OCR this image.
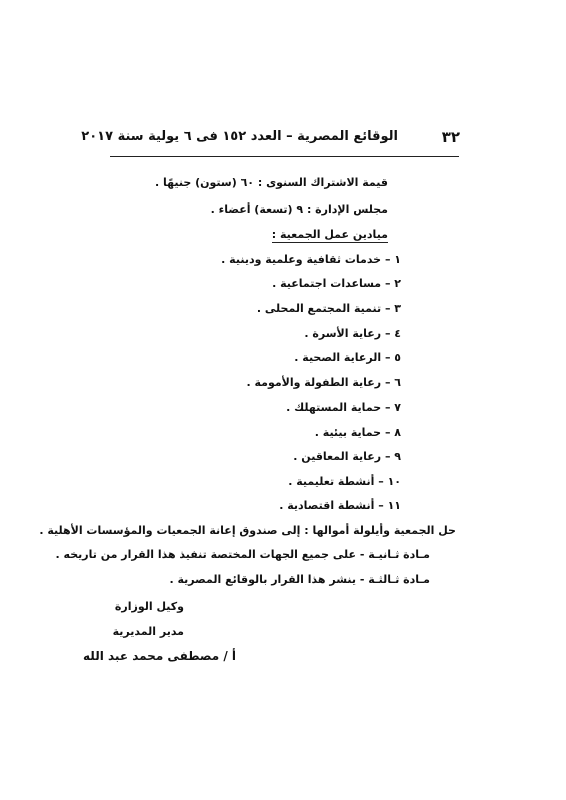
٣٢
الوقائع المصرية – العدد ١٥٢ فى ٦ يولية سنة ٢٠١٧
قيمة الاشتراك السنوى : ٦٠ (ستون) جنيهًا .
مجلس الإدارة : ٩ (تسعة) أعضاء .
ميادين عمل الجمعية :
١ – خدمات ثقافية وعلمية ودينية .
٢ – مساعدات اجتماعية .
٣ – تنمية المجتمع المحلى .
٤ – رعاية الأسرة .
٥ – الرعاية الصحية .
٦ – رعاية الطفولة والأمومة .
٧ – حماية المستهلك .
٨ – حماية بيئية .
٩ – رعاية المعاقين .
١٠ – أنشطة تعليمية .
١١ – أنشطة اقتصادية .
حل الجمعية وأيلولة أموالها : إلى صندوق إعانة الجمعيات والمؤسسات الأهلية .
مـادة ثـانيـة - على جميع الجهات المختصة تنفيذ هذا القرار من تاريخه .
مـادة ثـالثـة - ينشر هذا القرار بالوقائع المصرية .
وكيل الوزارة
مدير المديرية
أ / مصطفى محمد عبد الله
